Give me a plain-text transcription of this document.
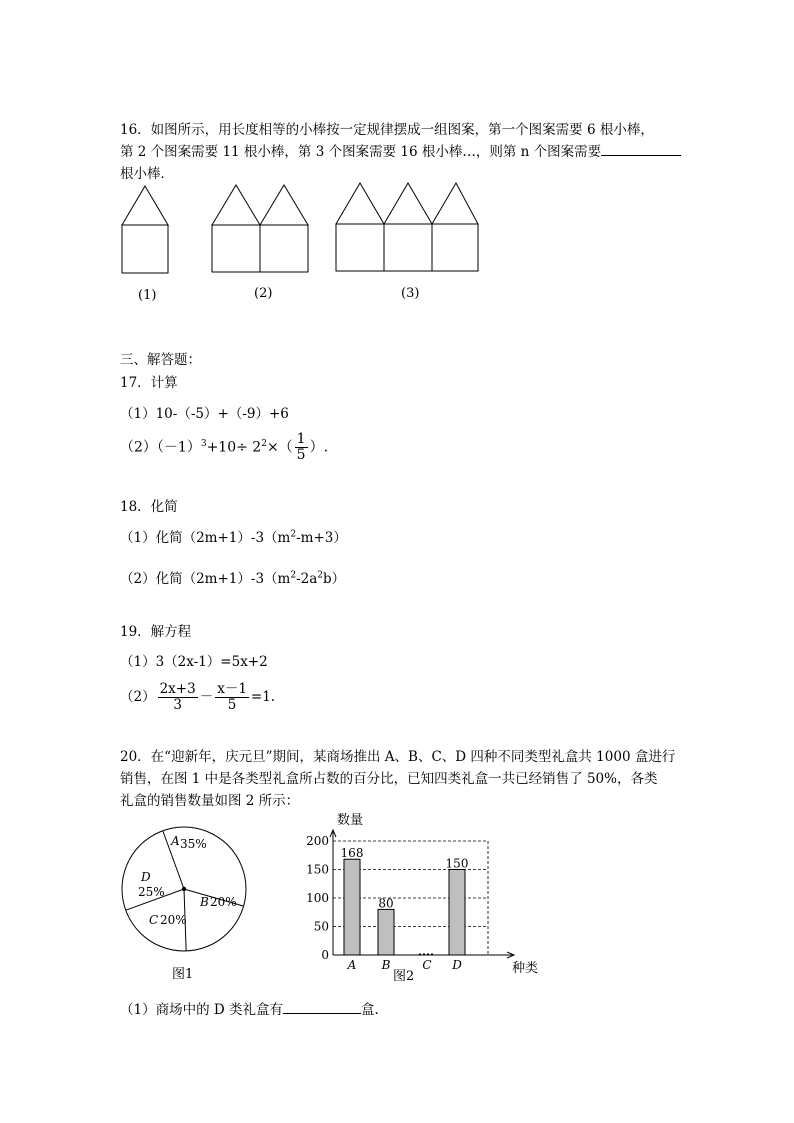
16．如图所示，用长度相等的小棒按一定规律摆成一组图案，第一个图案需要 6 根小棒，
第 2 个图案需要 11 根小棒，第 3 个图案需要 16 根小棒…，则第 n 个图案需要
根小棒．
(1)	(2)	(3)
三、解答题：
17．计算
（1）10-（-5）+（-9）+6
$(2)(-1)^3+10\div 2^2\times( \frac{1}{5}$ ）.
18．化简
（1）化简$(2m+1)-3(m^2-m+3)$
（2）化简$(2m+1)-3(m^2-2a^2b)$
19．解方程
（1）3（2x-1）=5x+2
$(2) \frac{2x+3}{3} - \frac{x-1}{5} =1$.
20．在“迎新年，庆元旦”期间，某商场推出 A、B、C、D 四种不同类型礼盒共 1000 盒进行
销售，在图 1 中是各类型礼盒所占数的百分比，已知四类礼盒一共已经销售了 50%，各类
礼盒的销售数量如图 2 所示：
A 35%
B 20%
C 20%
D
25%
图1
0
50
100
150
200
168
A
80
B	C
150
D
数量
种类
图2
（1）商场中的 D 类礼盒有	盒.
